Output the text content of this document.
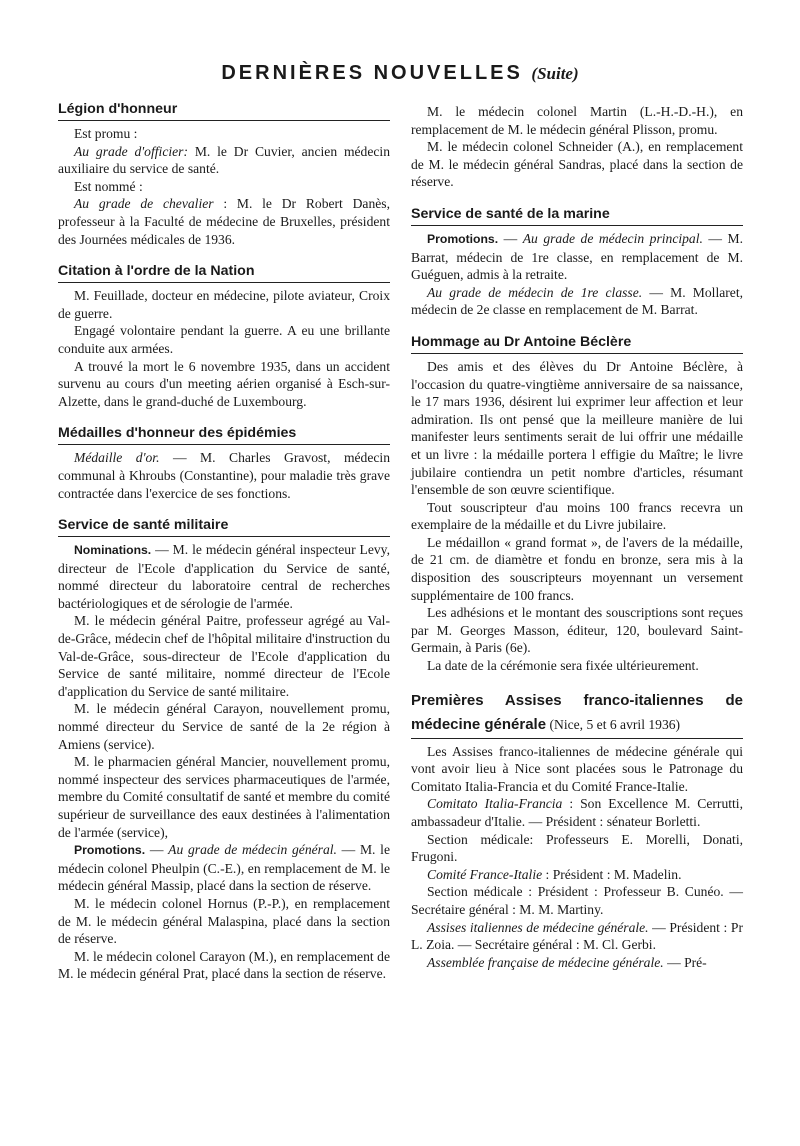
DERNIÈRES NOUVELLES (Suite)
Légion d'honneur

Est promu :

Au grade d'officier: M. le Dr Cuvier, ancien médecin auxiliaire du service de santé.

Est nommé :

Au grade de chevalier : M. le Dr Robert Danès, professeur à la Faculté de médecine de Bruxelles, président des Journées médicales de 1936.

Citation à l'ordre de la Nation

M. Feuillade, docteur en médecine, pilote aviateur, Croix de guerre.

Engagé volontaire pendant la guerre. A eu une brillante conduite aux armées.

A trouvé la mort le 6 novembre 1935, dans un accident survenu au cours d'un meeting aérien organisé à Esch-sur-Alzette, dans le grand-duché de Luxembourg.

Médailles d'honneur des épidémies

Médaille d'or. — M. Charles Gravost, médecin communal à Khroubs (Constantine), pour maladie très grave contractée dans l'exercice de ses fonctions.

Service de santé militaire

Nominations. — M. le médecin général inspecteur Levy, directeur de l'Ecole d'application du Service de santé, nommé directeur du laboratoire central de recherches bactériologiques et de sérologie de l'armée.

M. le médecin général Paitre, professeur agrégé au Val-de-Grâce, médecin chef de l'hôpital militaire d'instruction du Val-de-Grâce, sous-directeur de l'Ecole d'application du Service de santé militaire, nommé directeur de l'Ecole d'application du Service de santé militaire.

M. le médecin général Carayon, nouvellement promu, nommé directeur du Service de santé de la 2e région à Amiens (service).

M. le pharmacien général Mancier, nouvellement promu, nommé inspecteur des services pharmaceutiques de l'armée, membre du Comité consultatif de santé et membre du comité supérieur de surveillance des eaux destinées à l'alimentation de l'armée (service),

Promotions. — Au grade de médecin général. — M. le médecin colonel Pheulpin (C.-E.), en remplacement de M. le médecin général Massip, placé dans la section de réserve.

M. le médecin colonel Hornus (P.-P.), en remplacement de M. le médecin général Malaspina, placé dans la section de réserve.

M. le médecin colonel Carayon (M.), en remplacement de M. le médecin général Prat, placé dans la section de réserve.

M. le médecin colonel Martin (L.-H.-D.-H.), en remplacement de M. le médecin général Plisson, promu.

M. le médecin colonel Schneider (A.), en remplacement de M. le médecin général Sandras, placé dans la section de réserve.

Service de santé de la marine

Promotions. — Au grade de médecin principal. — M. Barrat, médecin de 1re classe, en remplacement de M. Guéguen, admis à la retraite.

Au grade de médecin de 1re classe. — M. Mollaret, médecin de 2e classe en remplacement de M. Barrat.

Hommage au Dr Antoine Béclère

Des amis et des élèves du Dr Antoine Béclère, à l'occasion du quatre-vingtième anniversaire de sa naissance, le 17 mars 1936, désirent lui exprimer leur affection et leur admiration. Ils ont pensé que la meilleure manière de lui manifester leurs sentiments serait de lui offrir une médaille et un livre : la médaille portera l effigie du Maître; le livre jubilaire contiendra un petit nombre d'articles, résumant l'ensemble de son œuvre scientifique.

Tout souscripteur d'au moins 100 francs recevra un exemplaire de la médaille et du Livre jubilaire.

Le médaillon « grand format », de l'avers de la médaille, de 21 cm. de diamètre et fondu en bronze, sera mis à la disposition des souscripteurs moyennant un versement supplémentaire de 100 francs.

Les adhésions et le montant des souscriptions sont reçues par M. Georges Masson, éditeur, 120, boulevard Saint-Germain, à Paris (6e).

La date de la cérémonie sera fixée ultérieurement.

Premières Assises franco-italiennes de médecine générale (Nice, 5 et 6 avril 1936)

Les Assises franco-italiennes de médecine générale qui vont avoir lieu à Nice sont placées sous le Patronage du Comitato Italia-Francia et du Comité France-Italie.

Comitato Italia-Francia : Son Excellence M. Cerrutti, ambassadeur d'Italie. — Président : sénateur Borletti.

Section médicale: Professeurs E. Morelli, Donati, Frugoni.

Comité France-Italie : Président : M. Madelin.

Section médicale : Président : Professeur B. Cunéo. — Secrétaire général : M. M. Martiny.

Assises italiennes de médecine générale. — Président : Pr L. Zoia. — Secrétaire général : M. Cl. Gerbi.

Assemblée française de médecine générale. — Pré-
